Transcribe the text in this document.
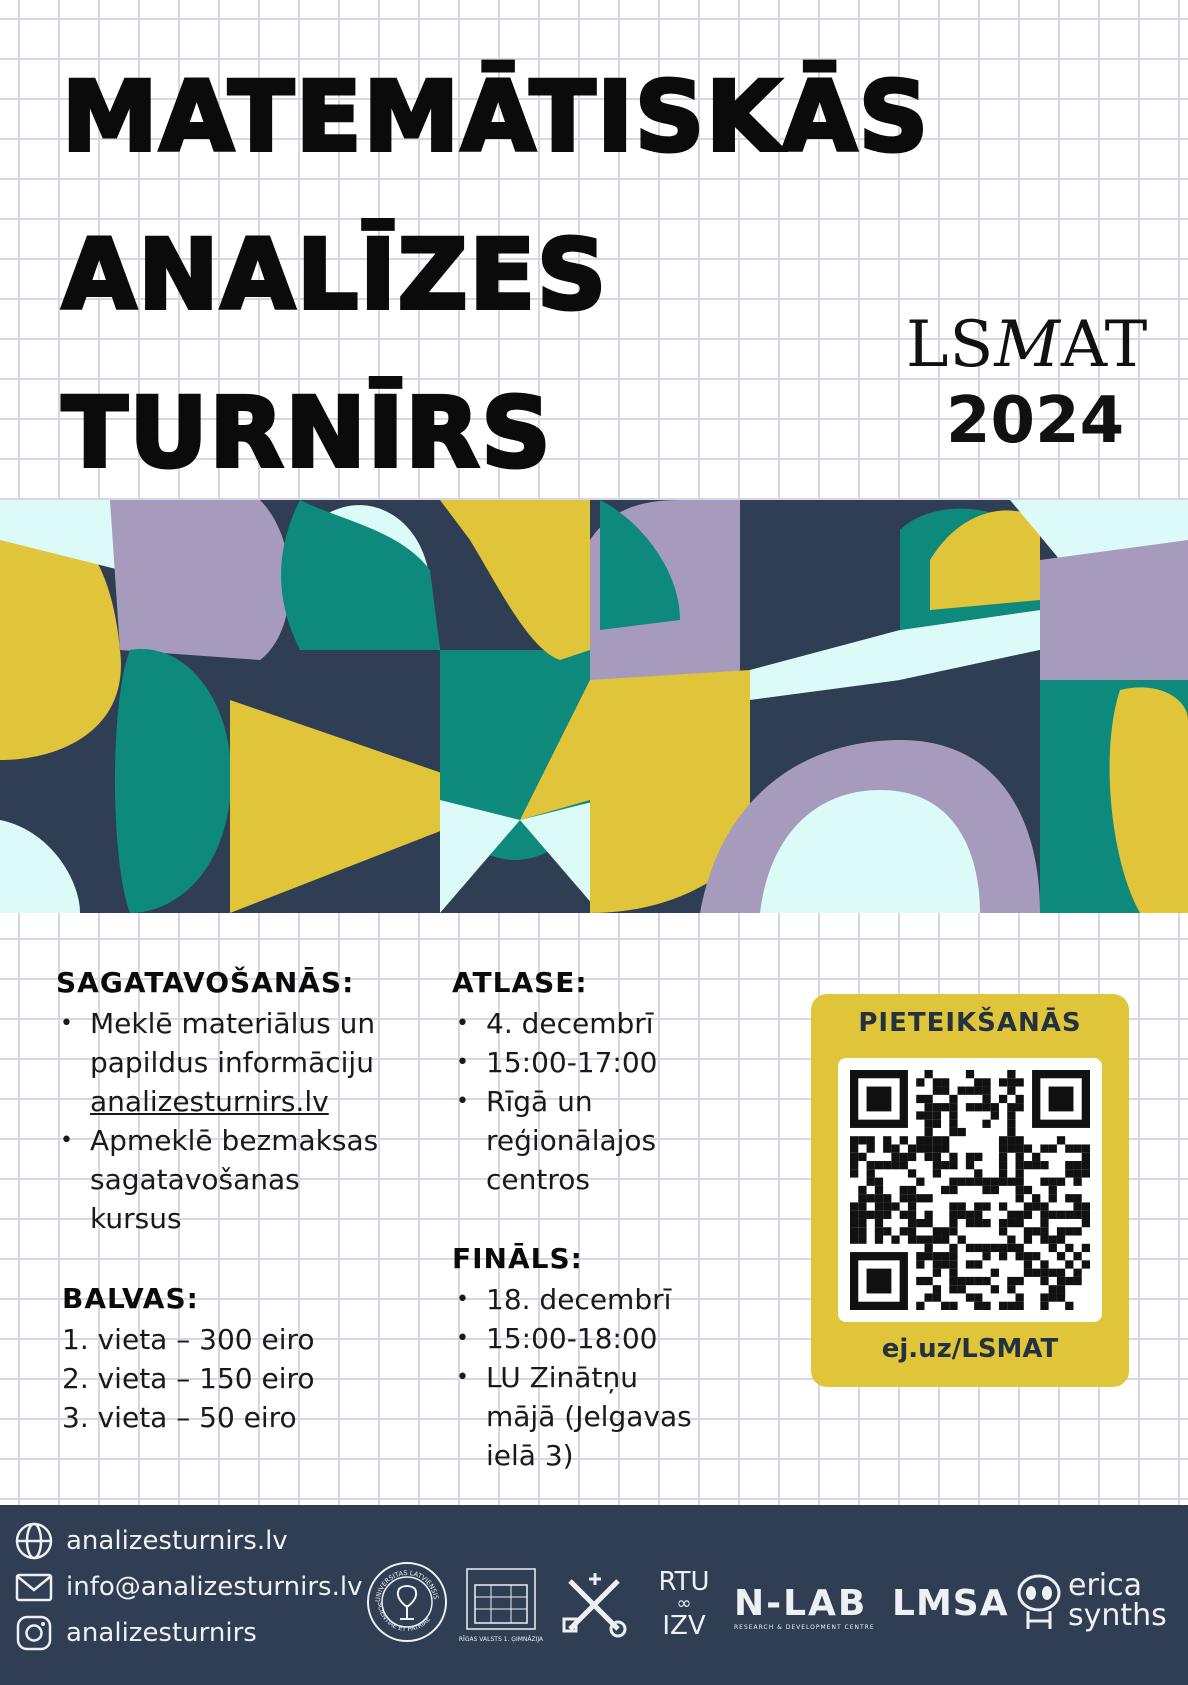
MATEMĀTISKĀS
ANALĪZES
TURNĪRS
LSMAT
2024
SAGATAVOŠANĀS:
• Meklē materiālus un
papildus informāciju
analizesturnirs.lv
• Apmeklē bezmaksas
sagatavošanas
kursus
BALVAS:
1. vieta – 300 eiro
2. vieta – 150 eiro
3. vieta – 50 eiro
ATLASE:
• 4. decembrī
• 15:00-17:00
• Rīgā un
reģionālajos
centros
FINĀLS:
• 18. decembrī
• 15:00-18:00
• LU Zinātņu
mājā (Jelgavas
ielā 3)
PIETEIKŠANĀS
ej.uz/LSMAT
analizesturnirs.lv
info@analizesturnirs.lv
analizesturnirs
UNIVERSITAS LATVIENSIS
SCIENTIAE ET PATRIAE
RĪGAS VALSTS 1. ĢIMNĀZIJA
RTU
∞
IZV
N-LAB
RESEARCH & DEVELOPMENT CENTRE
LMSA erica
synths
